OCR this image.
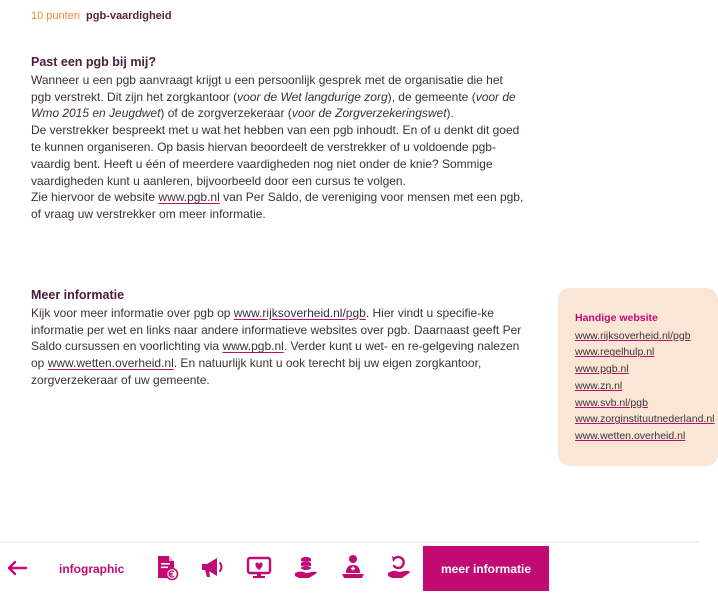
10 punten pgb-vaardigheid
Past een pgb bij mij?

Wanneer u een pgb aanvraagt krijgt u een persoonlijk gesprek met de organisatie die het pgb verstrekt. Dit zijn het zorgkantoor (voor de Wet langdurige zorg), de gemeente (voor de Wmo 2015 en Jeugdwet) of de zorgverzekeraar (voor de Zorgverzekeringswet).

De verstrekker bespreekt met u wat het hebben van een pgb inhoudt. En of u denkt dit goed te kunnen organiseren. Op basis hiervan beoordeelt de verstrekker of u voldoende pgb-vaardig bent. Heeft u één of meerdere vaardigheden nog niet onder de knie? Sommige vaardigheden kunt u aanleren, bijvoorbeeld door een cursus te volgen.

Zie hiervoor de website www.pgb.nl van Per Saldo, de vereniging voor mensen met een pgb, of vraag uw verstrekker om meer informatie.

Meer informatie

Kijk voor meer informatie over pgb op www.rijksoverheid.nl/pgb. Hier vindt u specifie-ke informatie per wet en links naar andere informatieve websites over pgb. Daarnaast geeft Per Saldo cursussen en voorlichting via www.pgb.nl. Verder kunt u wet- en re-gelgeving nalezen op www.wetten.overheid.nl. En natuurlijk kunt u ook terecht bij uw eigen zorgkantoor, zorgverzekeraar of uw gemeente.

Handige website
www.rijksoverheid.nl/pgb
www.regelhulp.nl
www.pgb.nl
www.zn.nl
www.svb.nl/pgb
www.zorginstituutnederland.nl
www.wetten.overheid.nl
infographic	meer informatie
